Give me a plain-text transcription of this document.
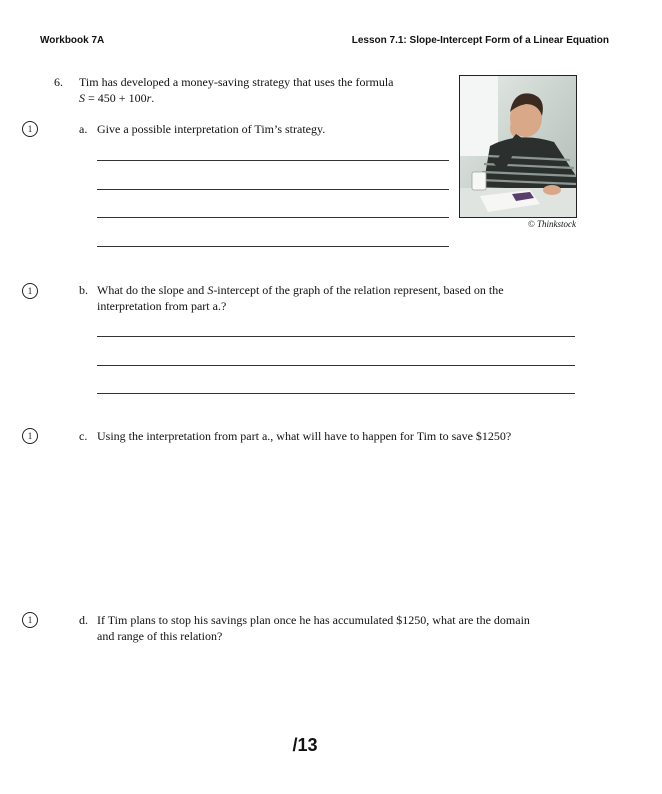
Workbook 7A	Lesson 7.1: Slope-Intercept Form of a Linear Equation
6. Tim has developed a money-saving strategy that uses the formula
S = 450 + 100r.
© Thinkstock
1	a. Give a possible interpretation of Tim’s strategy.
1	b. What do the slope and S-intercept of the graph of the relation represent, based on the
interpretation from part a.?
1	c. Using the interpretation from part a., what will have to happen for Tim to save $1250?
1	d. If Tim plans to stop his savings plan once he has accumulated $1250, what are the domain
and range of this relation?
/13
